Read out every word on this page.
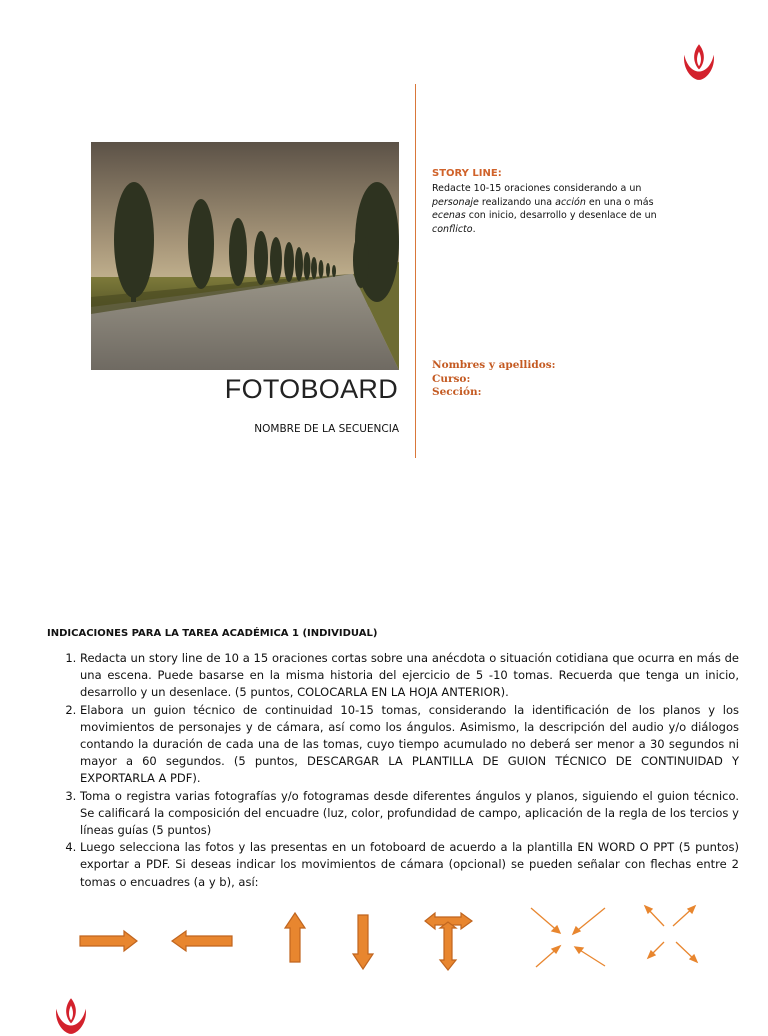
FOTOBOARD
NOMBRE DE LA SECUENCIA
STORY LINE:
Redacte 10-15 oraciones considerando a un personaje realizando una acción en una o más ecenas con inicio, desarrollo y desenlace de un conflicto.
Nombres y apellidos:
Curso:
Sección:
INDICACIONES PARA LA TAREA ACADÉMICA 1 (INDIVIDUAL)
1. Redacta un story line de 10 a 15 oraciones cortas sobre una anécdota o situación cotidiana que ocurra en más de una escena. Puede basarse en la misma historia del ejercicio de 5 -10 tomas. Recuerda que tenga un inicio, desarrollo y un desenlace. (5 puntos, COLOCARLA EN LA HOJA ANTERIOR).
2. Elabora un guion técnico de continuidad 10-15 tomas, considerando la identificación de los planos y los movimientos de personajes y de cámara, así como los ángulos. Asimismo, la descripción del audio y/o diálogos contando la duración de cada una de las tomas, cuyo tiempo acumulado no deberá ser menor a 30 segundos ni mayor a 60 segundos. (5 puntos, DESCARGAR LA PLANTILLA DE GUION TÉCNICO DE CONTINUIDAD Y EXPORTARLA A PDF).
3. Toma o registra varias fotografías y/o fotogramas desde diferentes ángulos y planos, siguiendo el guion técnico. Se calificará la composición del encuadre (luz, color, profundidad de campo, aplicación de la regla de los tercios y líneas guías (5 puntos)
4. Luego selecciona las fotos y las presentas en un fotoboard de acuerdo a la plantilla EN WORD O PPT (5 puntos) exportar a PDF. Si deseas indicar los movimientos de cámara (opcional) se pueden señalar con flechas entre 2 tomas o encuadres (a y b), así:
